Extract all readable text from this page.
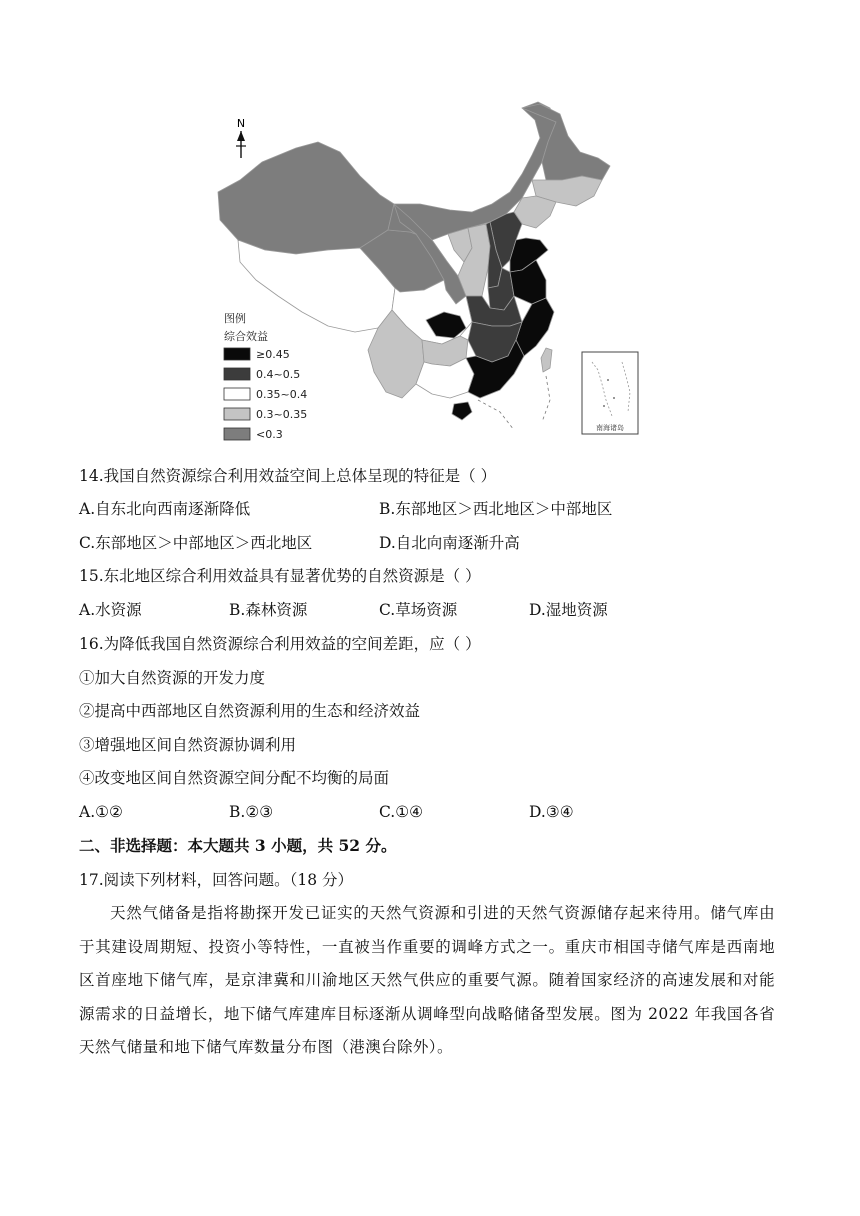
N
南海诸岛
图例
综合效益
≥0.45
0.4~0.5
0.35~0.4
0.3~0.35
<0.3
14.我国自然资源综合利用效益空间上总体呈现的特征是（ ）
A.自东北向西南逐渐降低	B.东部地区＞西北地区＞中部地区
C.东部地区＞中部地区＞西北地区	D.自北向南逐渐升高
15.东北地区综合利用效益具有显著优势的自然资源是（ ）
A.水资源	B.森林资源	C.草场资源	D.湿地资源
16.为降低我国自然资源综合利用效益的空间差距，应（ ）
①加大自然资源的开发力度
②提高中西部地区自然资源利用的生态和经济效益
③增强地区间自然资源协调利用
④改变地区间自然资源空间分配不均衡的局面
A.①②	B.②③	C.①④	D.③④
二、非选择题：本大题共 3 小题，共 52 分。
17.阅读下列材料，回答问题。（18 分）
天然气储备是指将勘探开发已证实的天然气资源和引进的天然气资源储存起来待用。储气库由于其建设周期短、投资小等特性，一直被当作重要的调峰方式之一。重庆市相国寺储气库是西南地区首座地下储气库，是京津冀和川渝地区天然气供应的重要气源。随着国家经济的高速发展和对能源需求的日益增长，地下储气库建库目标逐渐从调峰型向战略储备型发展。图为 2022 年我国各省天然气储量和地下储气库数量分布图（港澳台除外）。
